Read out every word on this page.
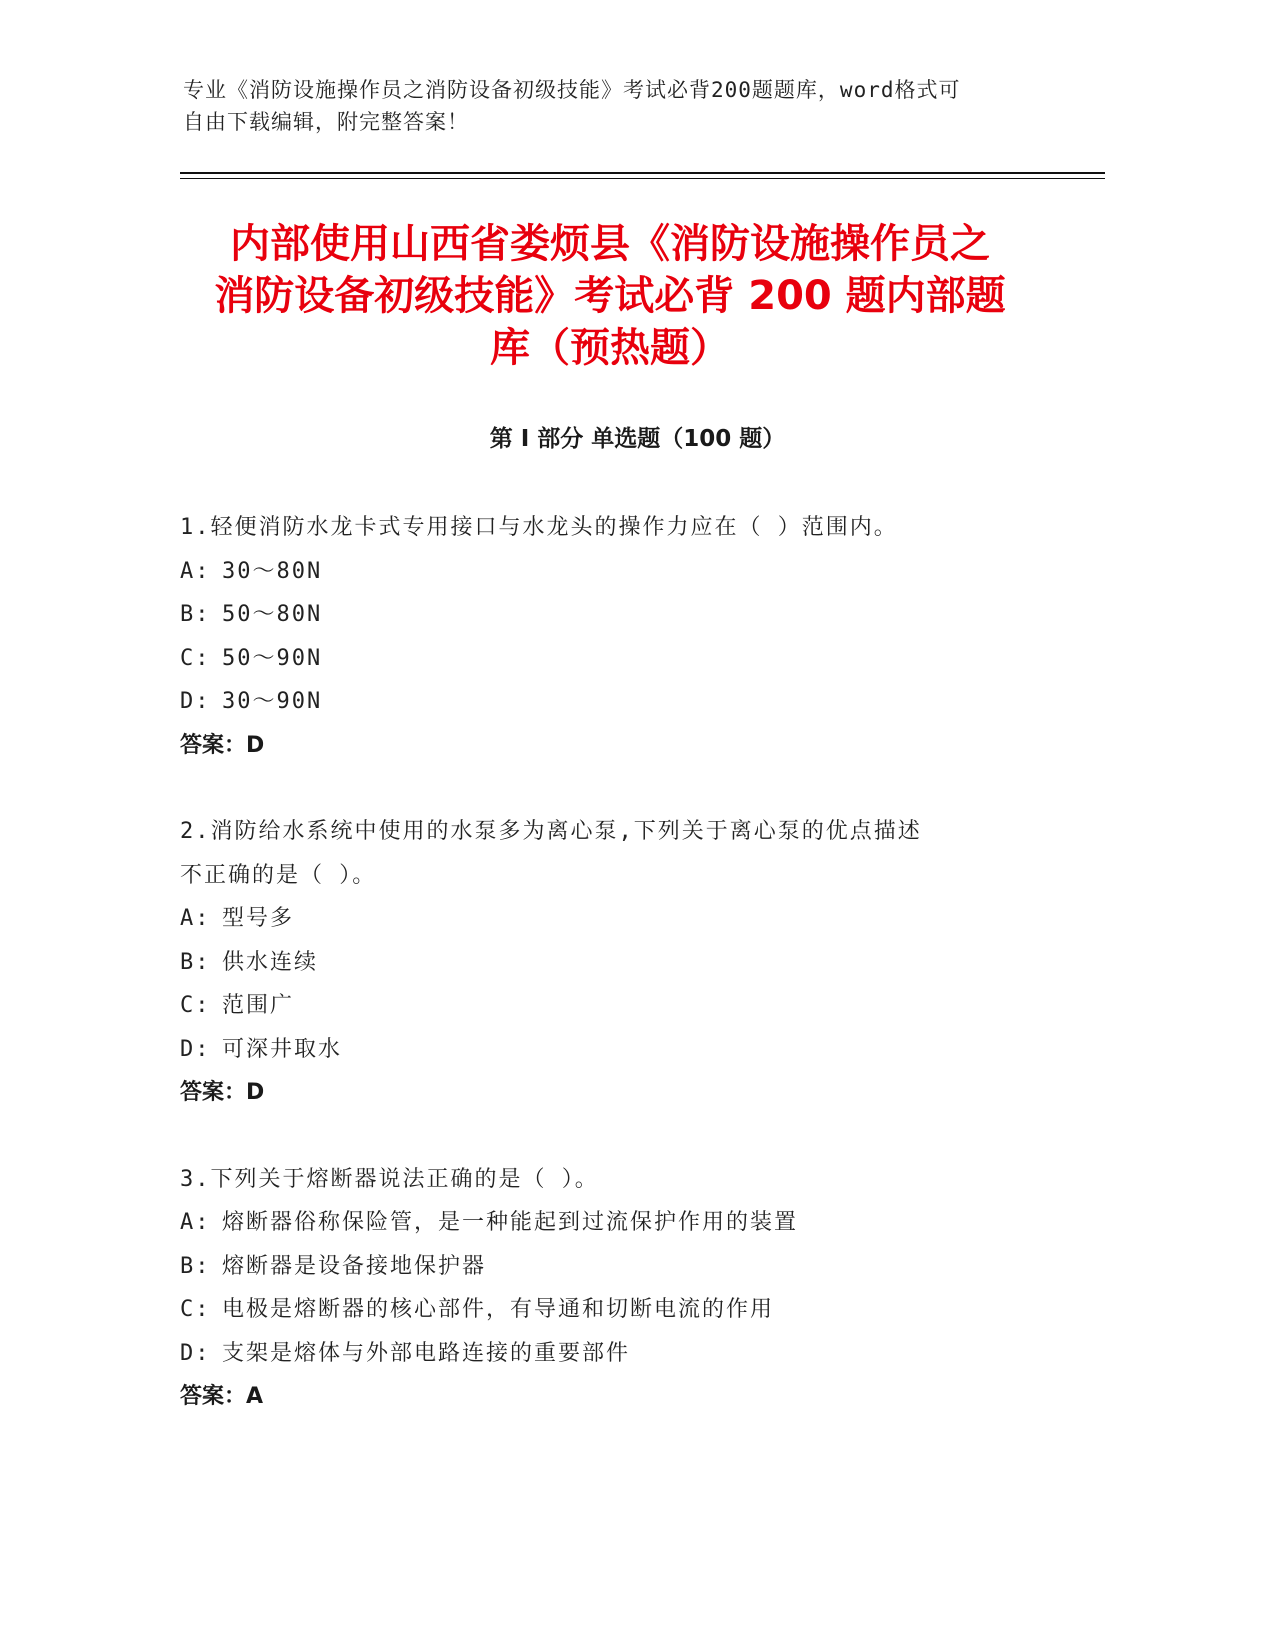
专业《消防设施操作员之消防设备初级技能》考试必背200题题库，word格式可
自由下载编辑，附完整答案！
内部使用山西省娄烦县《消防设施操作员之
消防设备初级技能》考试必背 200 题内部题
库（预热题）
第 I 部分 单选题（100 题）
1.轻便消防水龙卡式专用接口与水龙头的操作力应在（ ）范围内。
A: 30～80N
B: 50～80N
C: 50～90N
D: 30～90N
答案：D
2.消防给水系统中使用的水泵多为离心泵,下列关于离心泵的优点描述
不正确的是（ ）。
A: 型号多
B: 供水连续
C: 范围广
D: 可深井取水
答案：D
3.下列关于熔断器说法正确的是（ ）。
A: 熔断器俗称保险管，是一种能起到过流保护作用的装置
B: 熔断器是设备接地保护器
C: 电极是熔断器的核心部件，有导通和切断电流的作用
D: 支架是熔体与外部电路连接的重要部件
答案：A
